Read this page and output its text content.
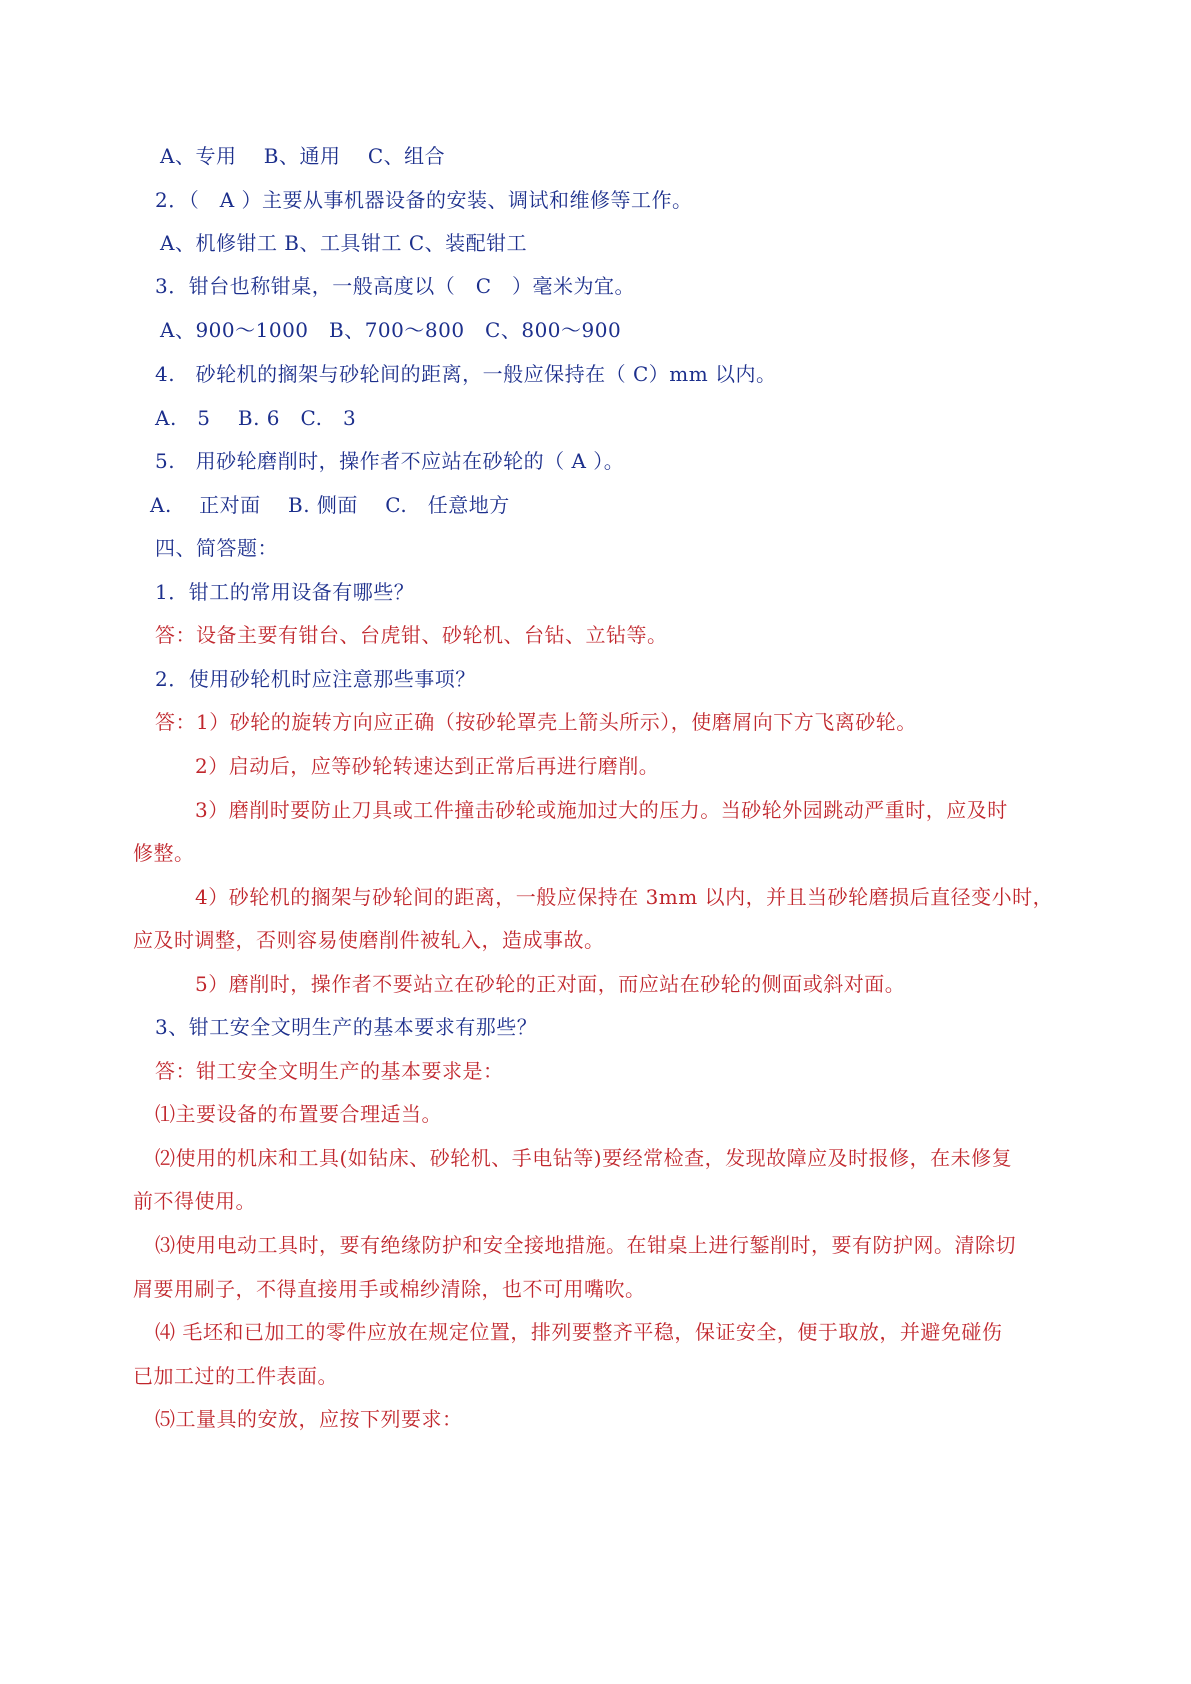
A、专用　 B、通用　 C、组合
2．（　A ）主要从事机器设备的安装、调试和维修等工作。
A、机修钳工 B、工具钳工 C、装配钳工
3．钳台也称钳桌，一般高度以（　C　）毫米为宜。
A、900～1000　B、700～800　C、800～900
4.　砂轮机的搁架与砂轮间的距离，一般应保持在（ C）mm 以内。
A.　5　 B. 6　C.　3
5.　用砂轮磨削时，操作者不应站在砂轮的（ A ）。
A.　 正对面　 B. 侧面　 C.　任意地方
四、简答题：
1．钳工的常用设备有哪些？
答：设备主要有钳台、台虎钳、砂轮机、台钻、立钻等。
2．使用砂轮机时应注意那些事项？
答：1）砂轮的旋转方向应正确（按砂轮罩壳上箭头所示），使磨屑向下方飞离砂轮。
2）启动后，应等砂轮转速达到正常后再进行磨削。
3）磨削时要防止刀具或工件撞击砂轮或施加过大的压力。当砂轮外园跳动严重时，应及时
修整。
4）砂轮机的搁架与砂轮间的距离，一般应保持在 3mm 以内，并且当砂轮磨损后直径变小时，
应及时调整，否则容易使磨削件被轧入，造成事故。
5）磨削时，操作者不要站立在砂轮的正对面，而应站在砂轮的侧面或斜对面。
3、钳工安全文明生产的基本要求有那些？
答：钳工安全文明生产的基本要求是：
⑴主要设备的布置要合理适当。
⑵使用的机床和工具(如钻床、砂轮机、手电钻等)要经常检查，发现故障应及时报修，在未修复
前不得使用。
⑶使用电动工具时，要有绝缘防护和安全接地措施。在钳桌上进行錾削时，要有防护网。清除切
屑要用刷子，不得直接用手或棉纱清除，也不可用嘴吹。
⑷ 毛坯和已加工的零件应放在规定位置，排列要整齐平稳，保证安全，便于取放，并避免碰伤
已加工过的工件表面。
⑸工量具的安放，应按下列要求：
